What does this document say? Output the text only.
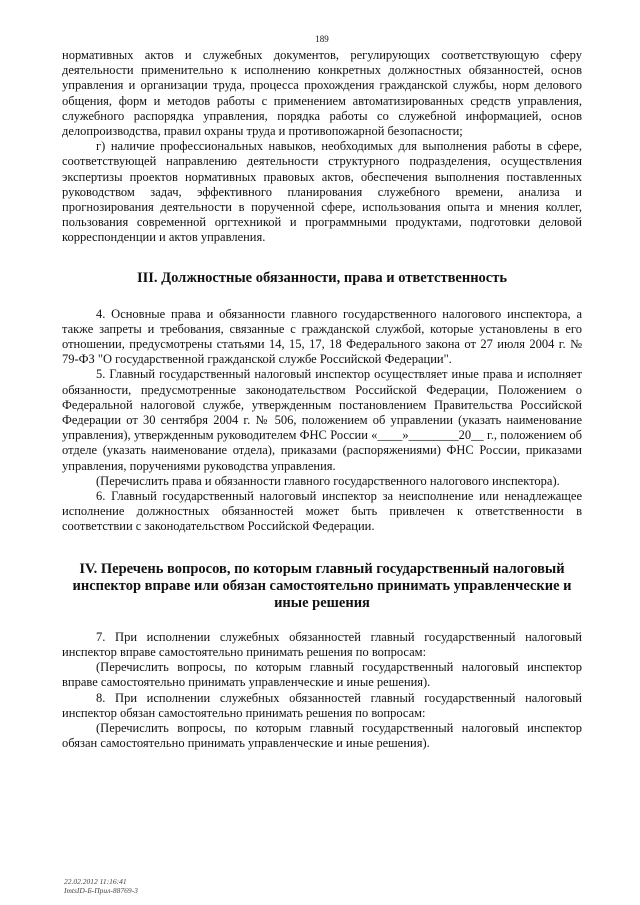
189

нормативных актов и служебных документов, регулирующих соответствующую сферу деятельности применительно к исполнению конкретных должностных обязанностей, основ управления и организации труда, процесса прохождения гражданской службы, норм делового общения, форм и методов работы с применением автоматизированных средств управления, служебного распорядка управления, порядка работы со служебной информацией, основ делопроизводства, правил охраны труда и противопожарной безопасности;

г) наличие профессиональных навыков, необходимых для выполнения работы в сфере, соответствующей направлению деятельности структурного подразделения, осуществления экспертизы проектов нормативных правовых актов, обеспечения выполнения поставленных руководством задач, эффективного планирования служебного времени, анализа и прогнозирования деятельности в порученной сфере, использования опыта и мнения коллег, пользования современной оргтехникой и программными продуктами, подготовки деловой корреспонденции и актов управления.

III. Должностные обязанности, права и ответственность

4. Основные права и обязанности главного государственного налогового инспектора, а также запреты и требования, связанные с гражданской службой, которые установлены в его отношении, предусмотрены статьями 14, 15, 17, 18 Федерального закона от 27 июля 2004 г. № 79-ФЗ "О государственной гражданской службе Российской Федерации".

5. Главный государственный налоговый инспектор осуществляет иные права и исполняет обязанности, предусмотренные законодательством Российской Федерации, Положением о Федеральной налоговой службе, утвержденным постановлением Правительства Российской Федерации от 30 сентября 2004 г. № 506, положением об управлении (указать наименование управления), утвержденным руководителем ФНС России «____»________20__ г., положением об отделе (указать наименование отдела), приказами (распоряжениями) ФНС России, приказами управления, поручениями руководства управления.

(Перечислить права и обязанности главного государственного налогового инспектора).

6. Главный государственный налоговый инспектор за неисполнение или ненадлежащее исполнение должностных обязанностей может быть привлечен к ответственности в соответствии с законодательством Российской Федерации.

IV. Перечень вопросов, по которым главный государственный налоговый инспектор вправе или обязан самостоятельно принимать управленческие и иные решения

7. При исполнении служебных обязанностей главный государственный налоговый инспектор вправе самостоятельно принимать решения по вопросам:

(Перечислить вопросы, по которым главный государственный налоговый инспектор вправе самостоятельно принимать управленческие и иные решения).

8. При исполнении служебных обязанностей главный государственный налоговый инспектор обязан самостоятельно принимать решения по вопросам:

(Перечислить вопросы, по которым главный государственный налоговый инспектор обязан самостоятельно принимать управленческие и иные решения).

22.02.2012 11:16:41
ImtsID-Б-Прил-88769-3
